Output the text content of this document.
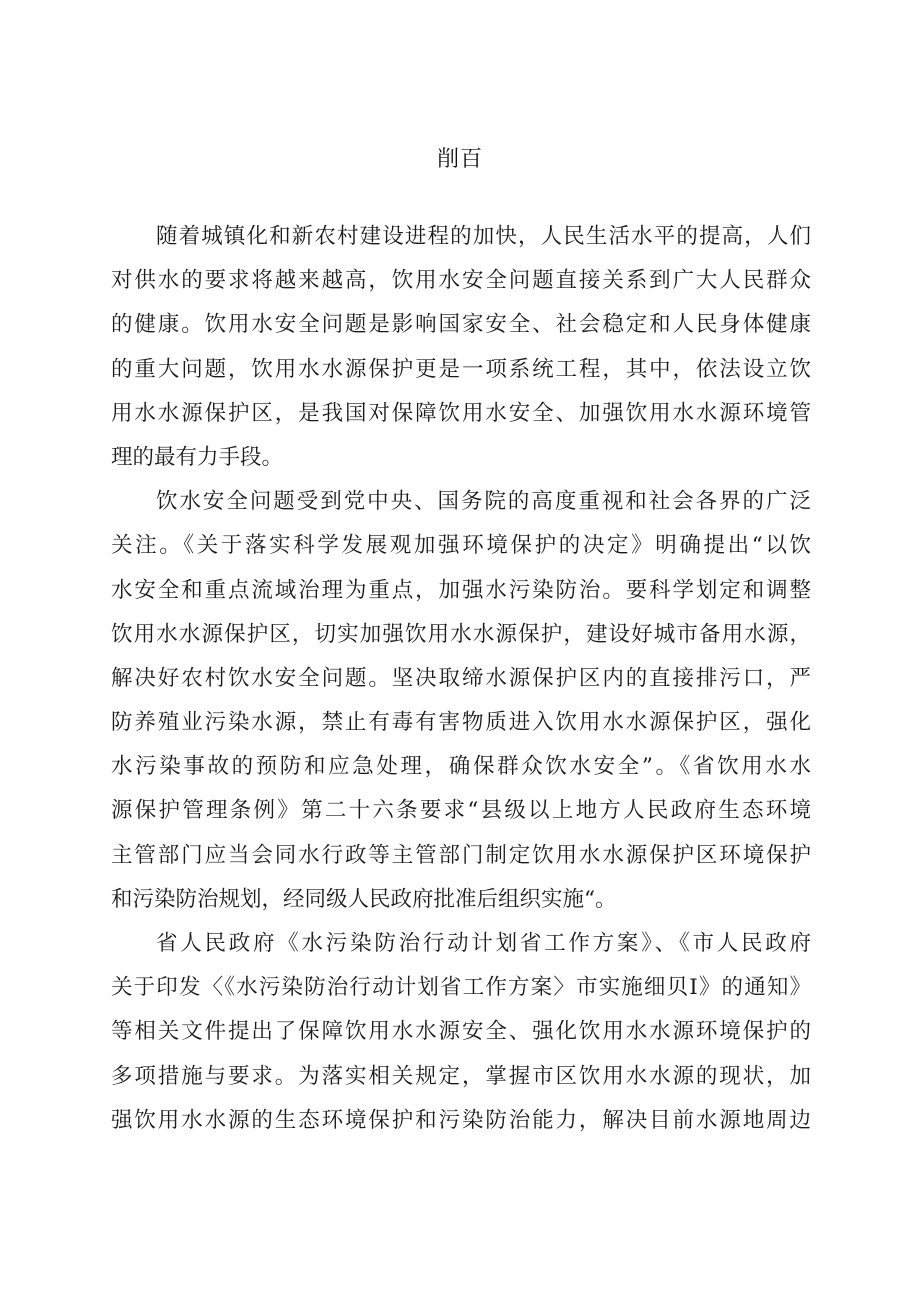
削百
随着城镇化和新农村建设进程的加快，人民生活水平的提高，人们
对供水的要求将越来越高，饮用水安全问题直接关系到广大人民群众
的健康。饮用水安全问题是影响国家安全、社会稳定和人民身体健康
的重大问题，饮用水水源保护更是一项系统工程，其中，依法设立饮
用水水源保护区，是我国对保障饮用水安全、加强饮用水水源环境管
理的最有力手段。
饮水安全问题受到党中央、国务院的高度重视和社会各界的广泛
关注。《关于落实科学发展观加强环境保护的决定》明确提出“以饮
水安全和重点流域治理为重点，加强水污染防治。要科学划定和调整
饮用水水源保护区，切实加强饮用水水源保护，建设好城市备用水源，
解决好农村饮水安全问题。坚决取缔水源保护区内的直接排污口，严
防养殖业污染水源，禁止有毒有害物质进入饮用水水源保护区，强化
水污染事故的预防和应急处理，确保群众饮水安全”。《省饮用水水
源保护管理条例》第二十六条要求“县级以上地方人民政府生态环境
主管部门应当会同水行政等主管部门制定饮用水水源保护区环境保护
和污染防治规划，经同级人民政府批准后组织实施“。
省人民政府《水污染防治行动计划省工作方案》、《市人民政府
关于印发〈《水污染防治行动计划省工作方案〉市实施细贝I》的通知》
等相关文件提出了保障饮用水水源安全、强化饮用水水源环境保护的
多项措施与要求。为落实相关规定，掌握市区饮用水水源的现状，加
强饮用水水源的生态环境保护和污染防治能力，解决目前水源地周边
